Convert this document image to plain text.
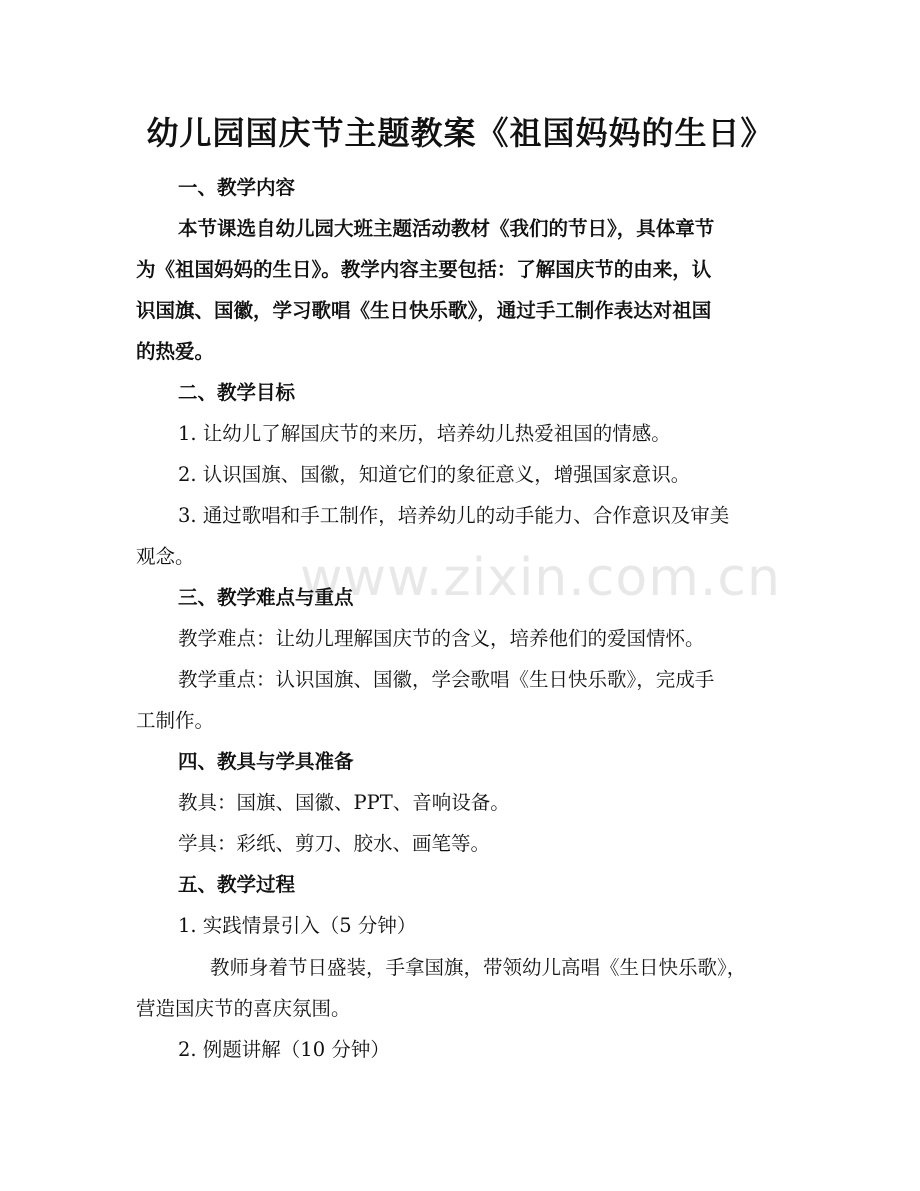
www.zixin.com.cn
幼儿园国庆节主题教案《祖国妈妈的生日》
一、教学内容
本节课选自幼儿园大班主题活动教材《我们的节日》，具体章节
为《祖国妈妈的生日》。教学内容主要包括：了解国庆节的由来，认
识国旗、国徽，学习歌唱《生日快乐歌》，通过手工制作表达对祖国
的热爱。
二、教学目标
1. 让幼儿了解国庆节的来历，培养幼儿热爱祖国的情感。
2. 认识国旗、国徽，知道它们的象征意义，增强国家意识。
3. 通过歌唱和手工制作，培养幼儿的动手能力、合作意识及审美
观念。
三、教学难点与重点
教学难点：让幼儿理解国庆节的含义，培养他们的爱国情怀。
教学重点：认识国旗、国徽，学会歌唱《生日快乐歌》，完成手
工制作。
四、教具与学具准备
教具：国旗、国徽、PPT、音响设备。
学具：彩纸、剪刀、胶水、画笔等。
五、教学过程
1. 实践情景引入（5 分钟）
教师身着节日盛装，手拿国旗，带领幼儿高唱《生日快乐歌》，
营造国庆节的喜庆氛围。
2. 例题讲解（10 分钟）
